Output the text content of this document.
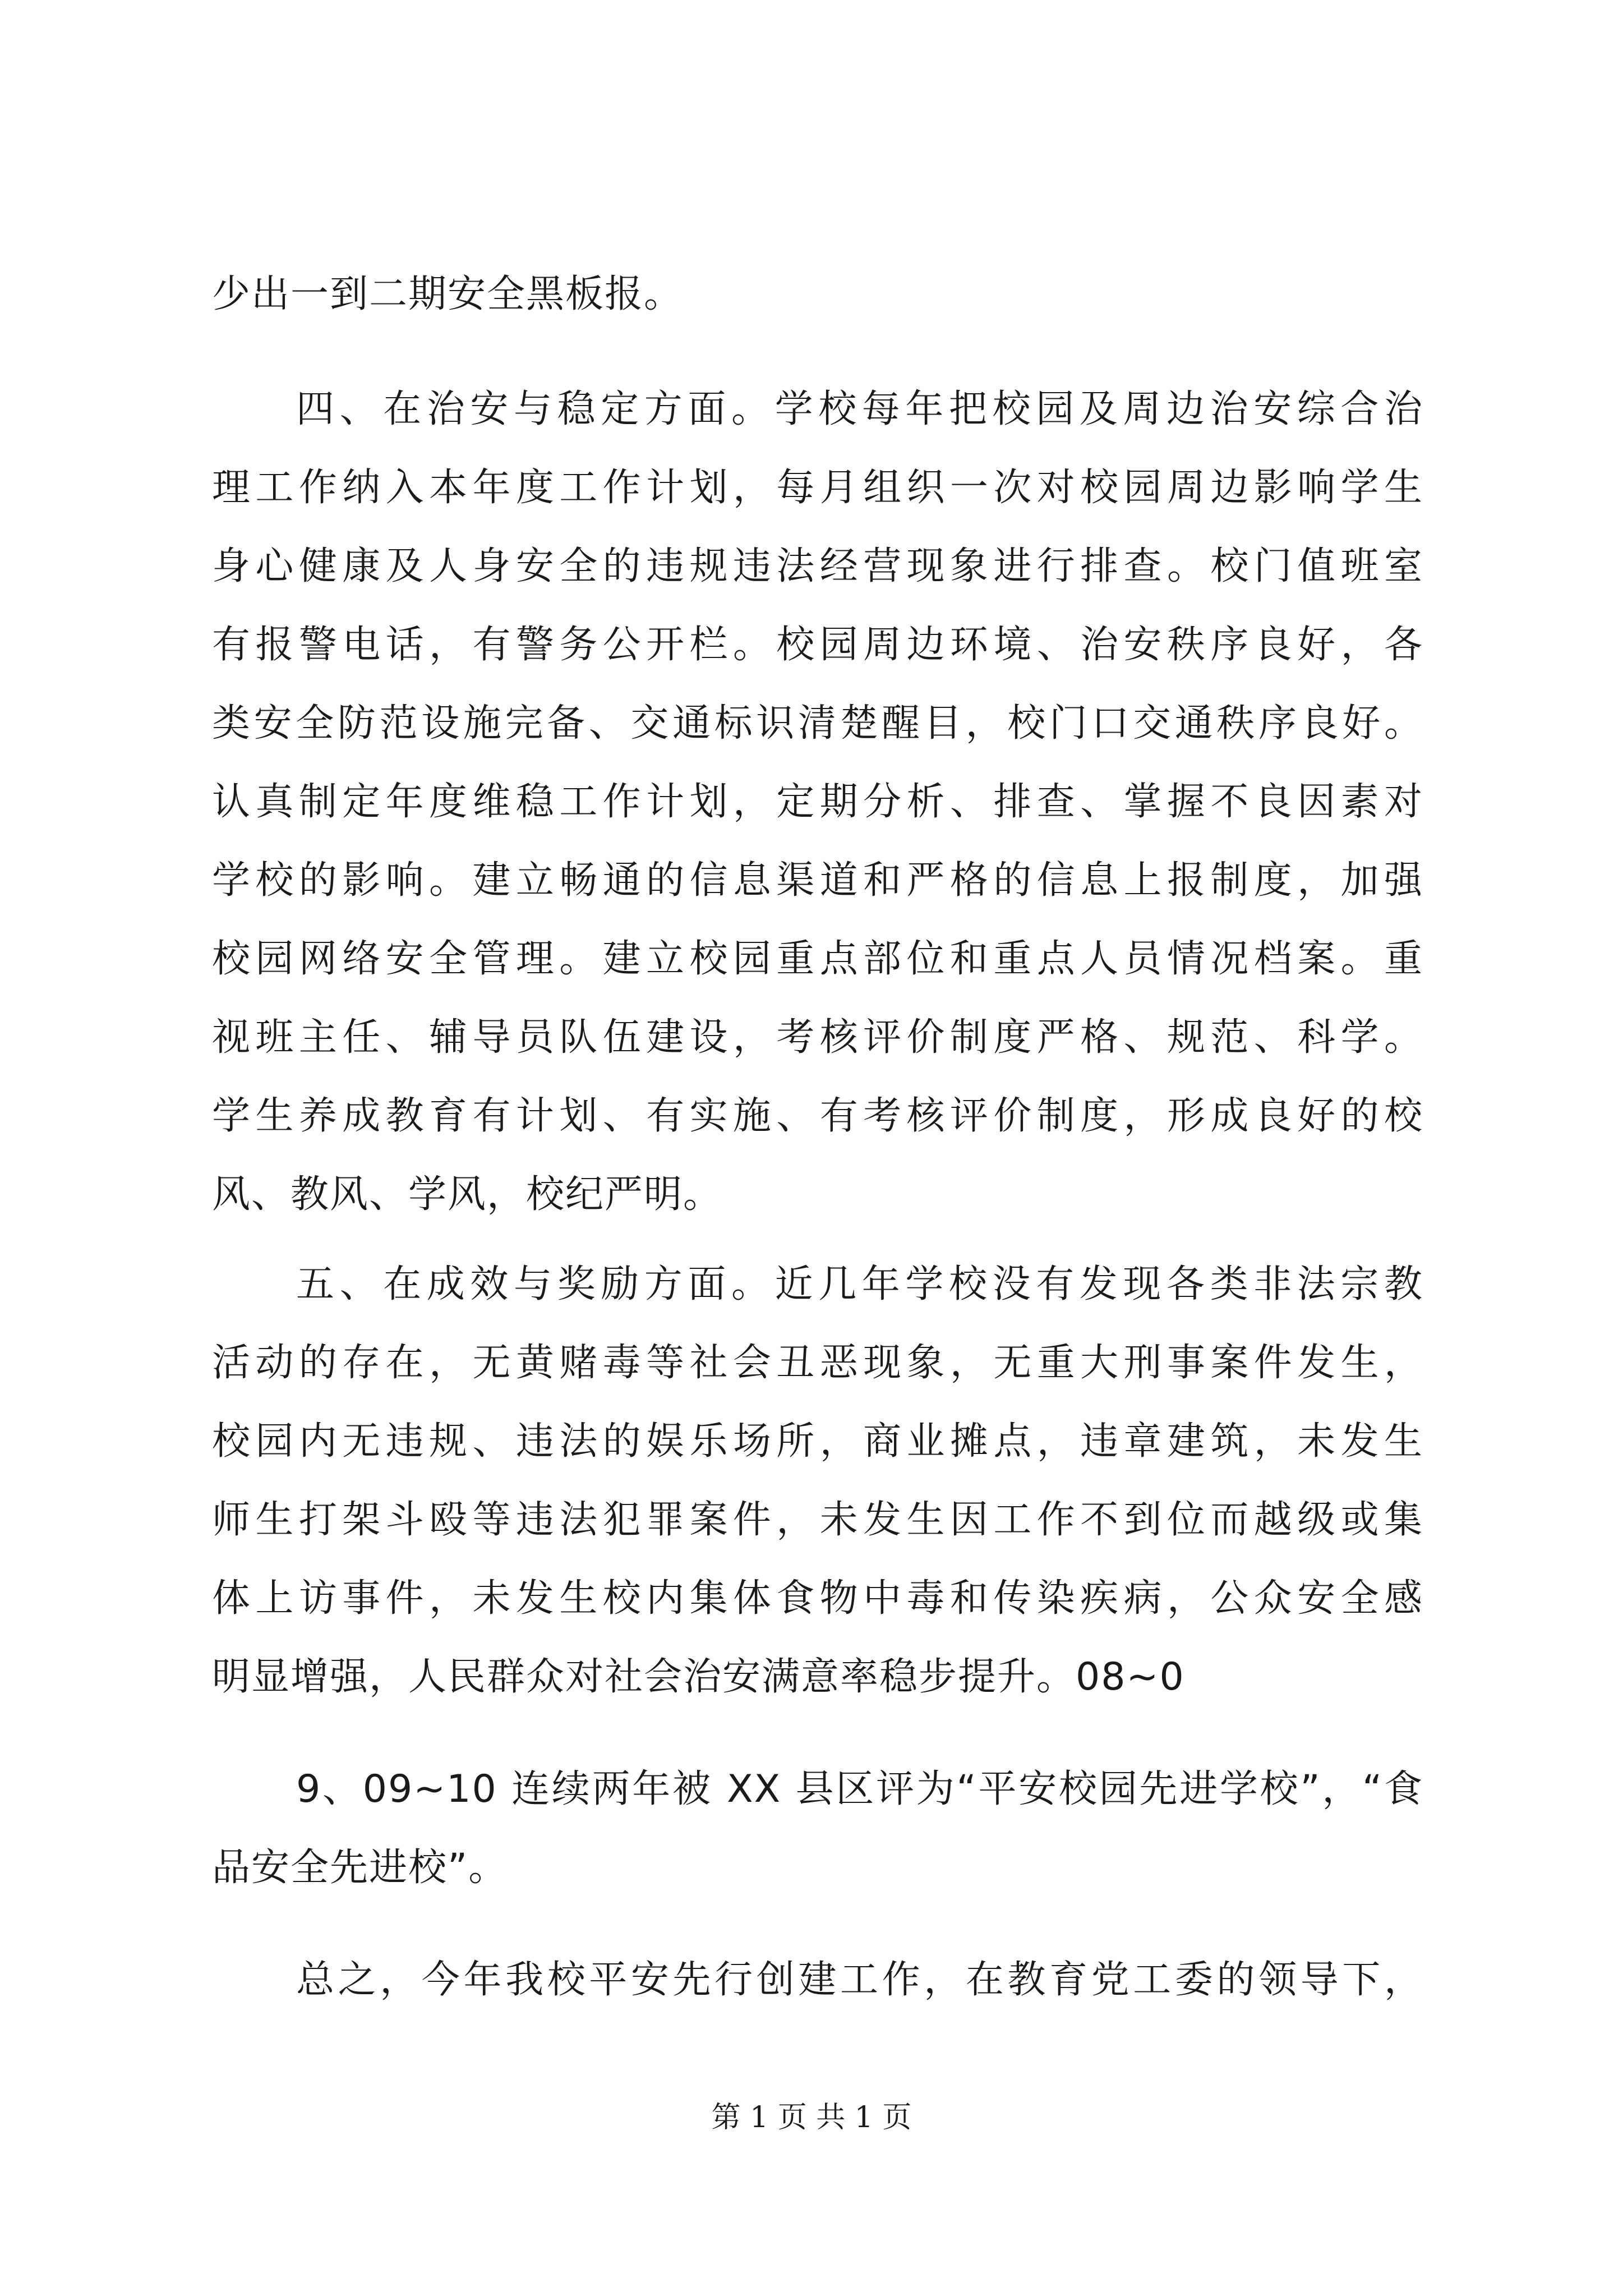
少出一到二期安全黑板报。

四、在治安与稳定方面。学校每年把校园及周边治安综合治

理工作纳入本年度工作计划，每月组织一次对校园周边影响学生

身心健康及人身安全的违规违法经营现象进行排查。校门值班室

有报警电话，有警务公开栏。校园周边环境、治安秩序良好，各

类安全防范设施完备、交通标识清楚醒目，校门口交通秩序良好。

认真制定年度维稳工作计划，定期分析、排查、掌握不良因素对

学校的影响。建立畅通的信息渠道和严格的信息上报制度，加强

校园网络安全管理。建立校园重点部位和重点人员情况档案。重

视班主任、辅导员队伍建设，考核评价制度严格、规范、科学。

学生养成教育有计划、有实施、有考核评价制度，形成良好的校

风、教风、学风，校纪严明。

五、在成效与奖励方面。近几年学校没有发现各类非法宗教

活动的存在，无黄赌毒等社会丑恶现象，无重大刑事案件发生，

校园内无违规、违法的娱乐场所，商业摊点，违章建筑，未发生

师生打架斗殴等违法犯罪案件，未发生因工作不到位而越级或集

体上访事件，未发生校内集体食物中毒和传染疾病，公众安全感

明显增强，人民群众对社会治安满意率稳步提升。08~0

9、09~10 连续两年被 XX 县区评为“平安校园先进学校”，“食

品安全先进校”。

总之，今年我校平安先行创建工作，在教育党工委的领导下，

第 1 页 共 1 页
